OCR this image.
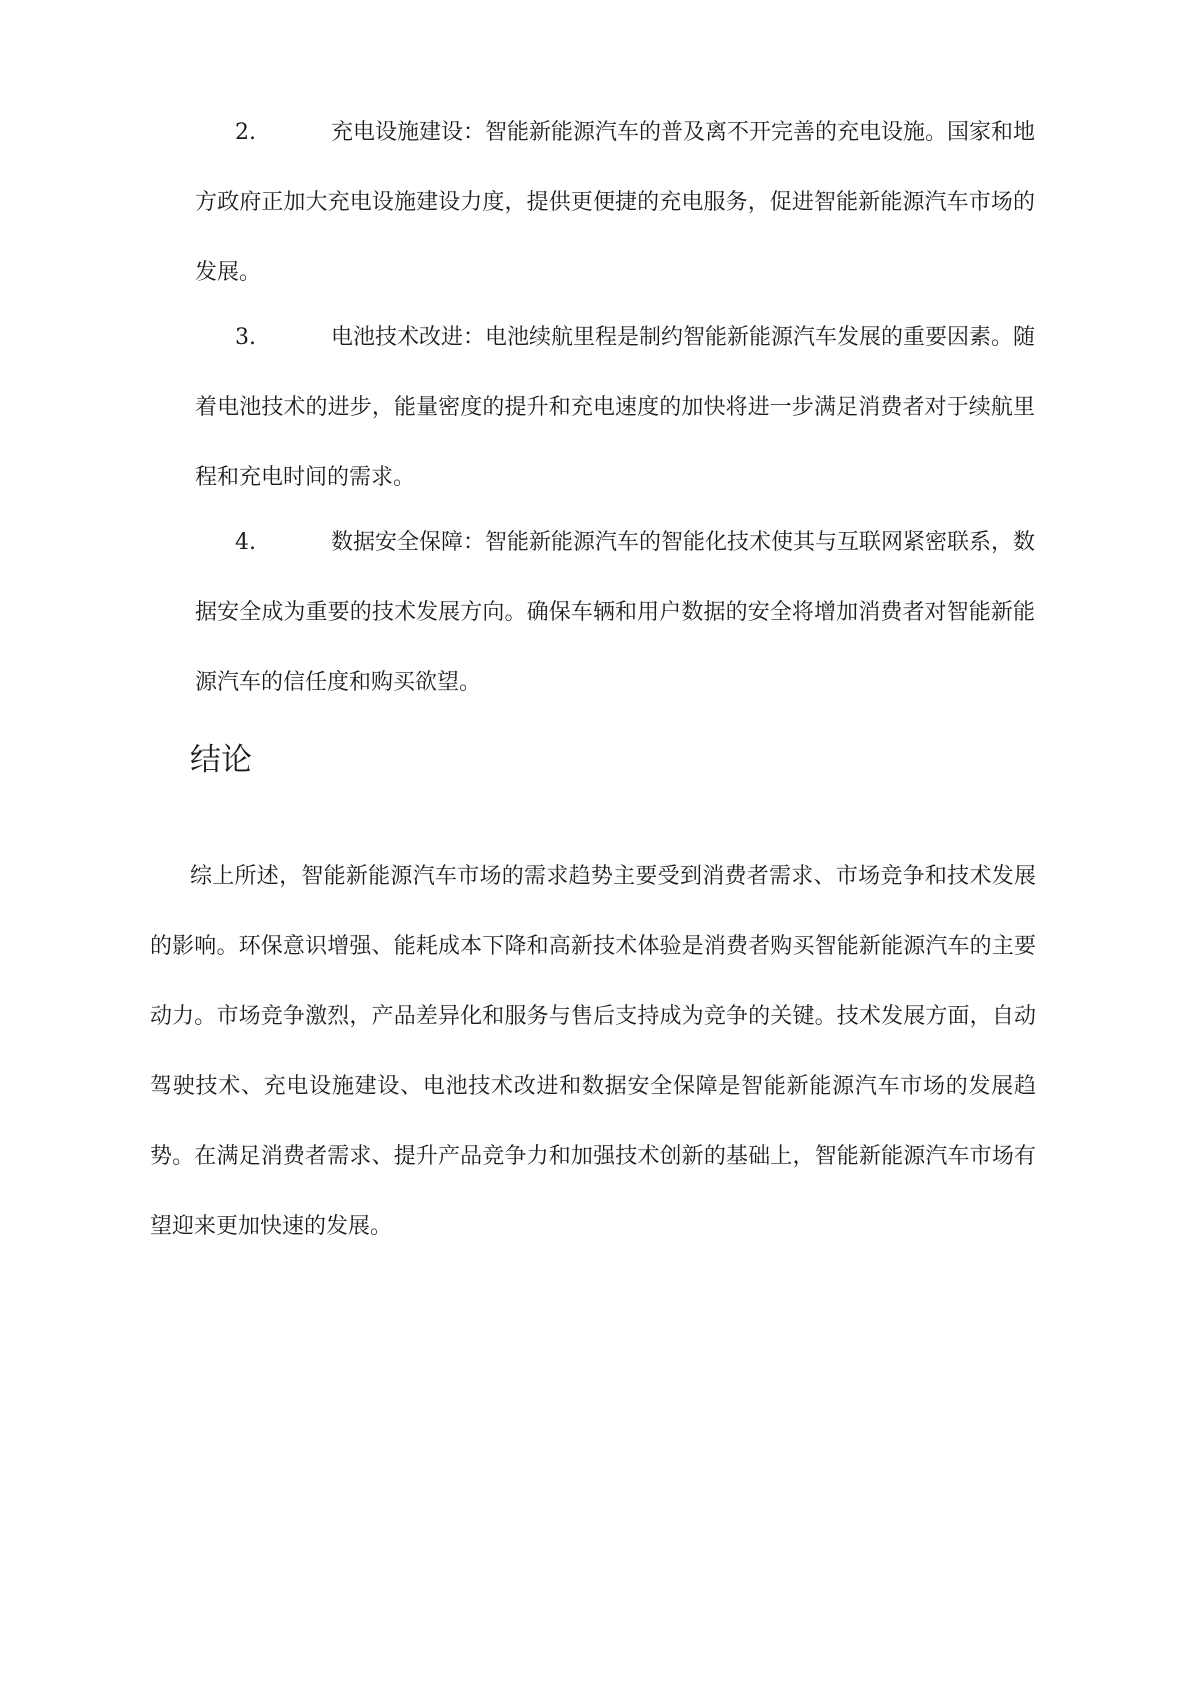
2.	充电设施建设：智能新能源汽车的普及离不开完善的充电设施。国家和地方政府正加大充电设施建设力度，提供更便捷的充电服务，促进智能新能源汽车市场的发展。
3.	电池技术改进：电池续航里程是制约智能新能源汽车发展的重要因素。随着电池技术的进步，能量密度的提升和充电速度的加快将进一步满足消费者对于续航里程和充电时间的需求。
4.	数据安全保障：智能新能源汽车的智能化技术使其与互联网紧密联系，数据安全成为重要的技术发展方向。确保车辆和用户数据的安全将增加消费者对智能新能源汽车的信任度和购买欲望。
结论

综上所述，智能新能源汽车市场的需求趋势主要受到消费者需求、市场竞争和技术发展的影响。环保意识增强、能耗成本下降和高新技术体验是消费者购买智能新能源汽车的主要动力。市场竞争激烈，产品差异化和服务与售后支持成为竞争的关键。技术发展方面，自动驾驶技术、充电设施建设、电池技术改进和数据安全保障是智能新能源汽车市场的发展趋势。在满足消费者需求、提升产品竞争力和加强技术创新的基础上，智能新能源汽车市场有望迎来更加快速的发展。
